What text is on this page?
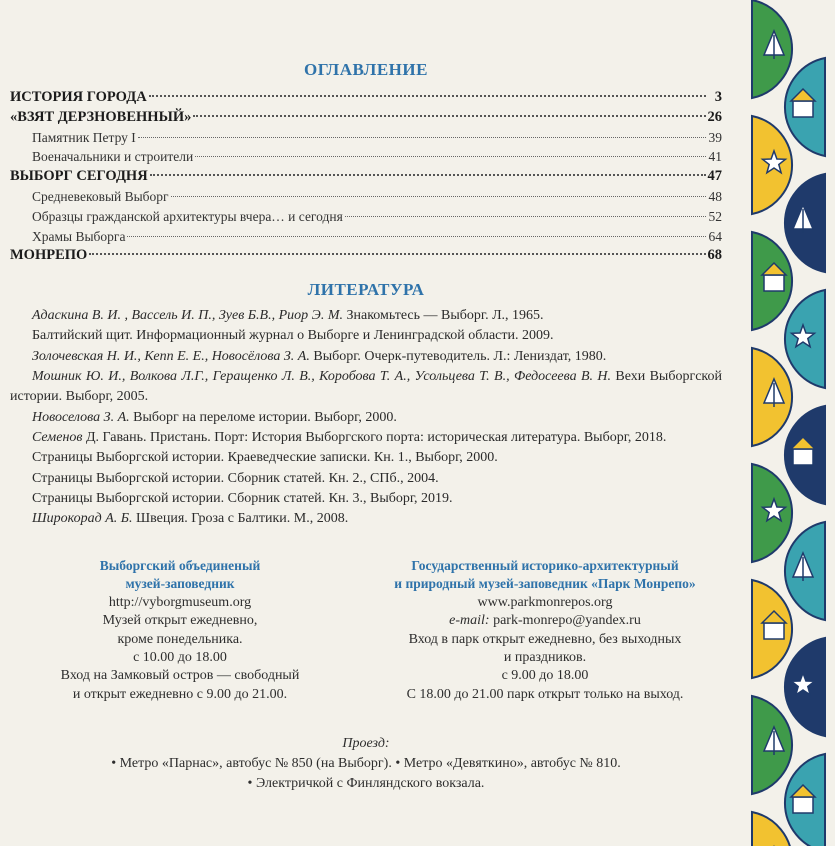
ОГЛАВЛЕНИЕ
ИСТОРИЯ ГОРОДА	3
«ВЗЯТ ДЕРЗНОВЕННЫЙ»	26
Памятник Петру I	39
Военачальники и строители	41
ВЫБОРГ СЕГОДНЯ	47
Средневековый Выборг	48
Образцы гражданской архитектуры вчера… и сегодня	52
Храмы Выборга	64
МОНРЕПО	68
ЛИТЕРАТУРА
Адаскина В. И. , Вассель И. П., Зуев Б.В., Риор Э. М. Знакомьтесь — Выборг. Л., 1965.
Балтийский щит. Информационный журнал о Выборге и Ленинградской области. 2009.
Золочевская Н. И., Кепп Е. Е., Новосёлова З. А. Выборг. Очерк-путеводитель. Л.: Лениздат, 1980.
Мошник Ю. И., Волкова Л.Г., Геращенко Л. В., Коробова Т. А., Усольцева Т. В., Федосеева В. Н. Вехи Выборгской истории. Выборг, 2005.
Новоселова З. А. Выборг на переломе истории. Выборг, 2000.
Семенов Д. Гавань. Пристань. Порт: История Выборгского порта: историческая литература. Выборг, 2018.
Страницы Выборгской истории. Краеведческие записки. Кн. 1., Выборг, 2000.
Страницы Выборгской истории. Сборник статей. Кн. 2., СПб., 2004.
Страницы Выборгской истории. Сборник статей. Кн. 3., Выборг, 2019.
Широкорад А. Б. Швеция. Гроза с Балтики. М., 2008.
Выборгский объединеный
музей-заповедник
http://vyborgmuseum.org
Музей открыт ежедневно,
кроме понедельника.
с 10.00 до 18.00
Вход на Замковый остров — свободный
и открыт ежедневно с 9.00 до 21.00.
Государственный историко-архитектурный
и природный музей-заповедник «Парк Монрепо»
www.parkmonrepos.org
e-mail: park-monrepo@yandex.ru
Вход в парк открыт ежедневно, без выходных
и праздников.
с 9.00 до 18.00
С 18.00 до 21.00 парк открыт только на выход.
Проезд:
• Метро «Парнас», автобус № 850 (на Выборг). • Метро «Девяткино», автобус № 810.
• Электричкой с Финляндского вокзала.
